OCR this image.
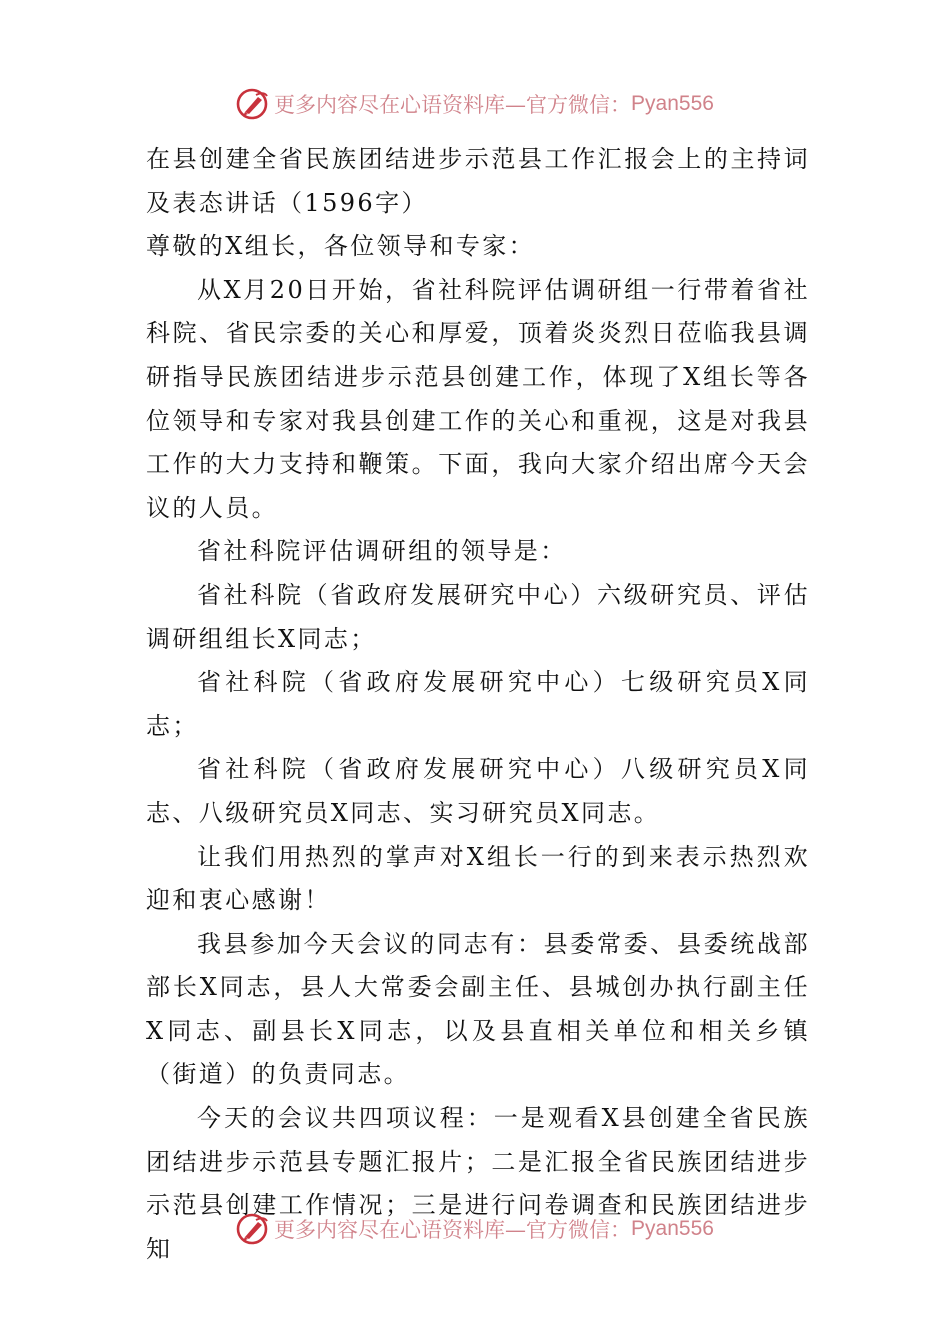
更多内容尽在心语资料库—官方微信： Pyan556

在县创建全省民族团结进步示范县工作汇报会上的主持词及表态讲话（1596字）

尊敬的X组长，各位领导和专家：

从X月20日开始，省社科院评估调研组一行带着省社科院、省民宗委的关心和厚爱，顶着炎炎烈日莅临我县调研指导民族团结进步示范县创建工作，体现了X组长等各位领导和专家对我县创建工作的关心和重视，这是对我县工作的大力支持和鞭策。下面，我向大家介绍出席今天会议的人员。

省社科院评估调研组的领导是：

省社科院（省政府发展研究中心）六级研究员、评估调研组组长X同志；

省社科院（省政府发展研究中心）七级研究员X同志；

省社科院（省政府发展研究中心）八级研究员X同志、八级研究员X同志、实习研究员X同志。

让我们用热烈的掌声对X组长一行的到来表示热烈欢迎和衷心感谢！

我县参加今天会议的同志有：县委常委、县委统战部部长X同志，县人大常委会副主任、县城创办执行副主任X同志、副县长X同志，以及县直相关单位和相关乡镇（街道）的负责同志。

今天的会议共四项议程：一是观看X县创建全省民族团结进步示范县专题汇报片；二是汇报全省民族团结进步示范县创建工作情况；三是进行问卷调查和民族团结进步知

更多内容尽在心语资料库—官方微信： Pyan556
